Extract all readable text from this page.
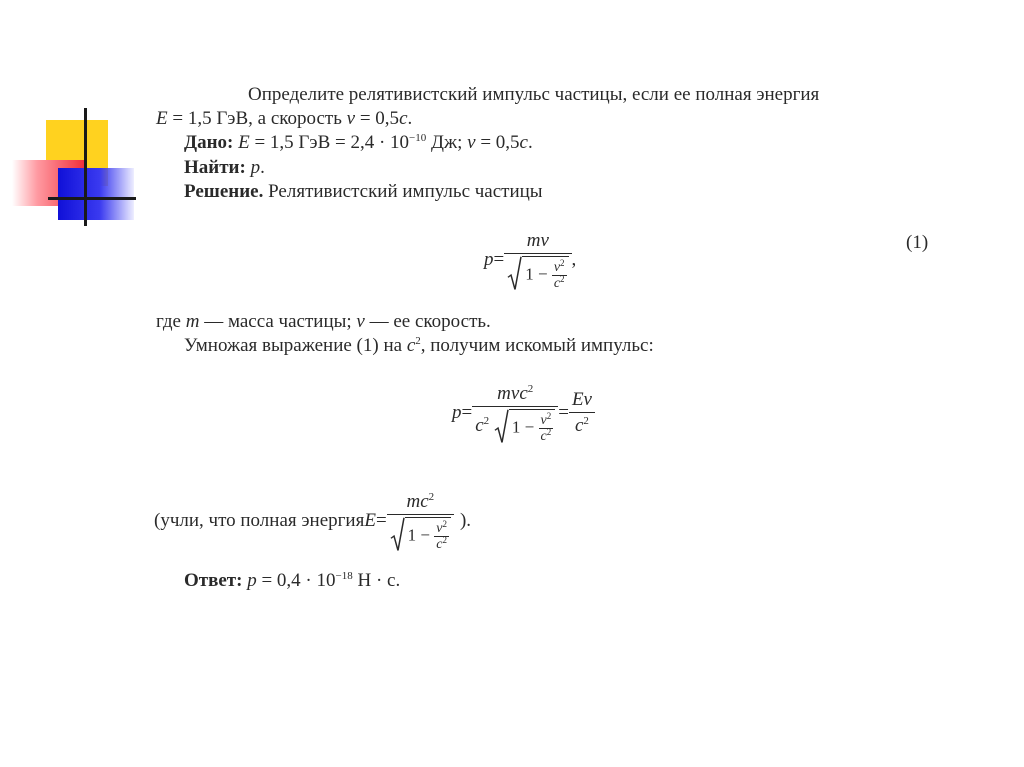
Определите релятивистский импульс частицы, если ее полная энергия
E = 1,5 ГэВ, а скорость v = 0,5c.
Дано: E = 1,5 ГэВ = $2,4 \cdot 10^{-10}$ Дж; v = 0,5c.
Найти: p.
Решение. Релятивистский импульс частицы
$p = \frac{mv}{1 - \frac{v^2}{c^2}}$ ,
(1)
где m — масса частицы; v — ее скорость.
Умножая выражение (1) на $c^2$, получим искомый импульс:
p =
mvc$^2$
$c^2$ $1 - \frac{v^2}{c^2} = \frac{Ev}{c^2}$
(учли, что полная энергия $E = \frac{mc^2}{1 - \frac{v^2}{c^2}}$ ).
Ответ: $p = 0,4 \cdot 10^{-18}$ Н · с.
